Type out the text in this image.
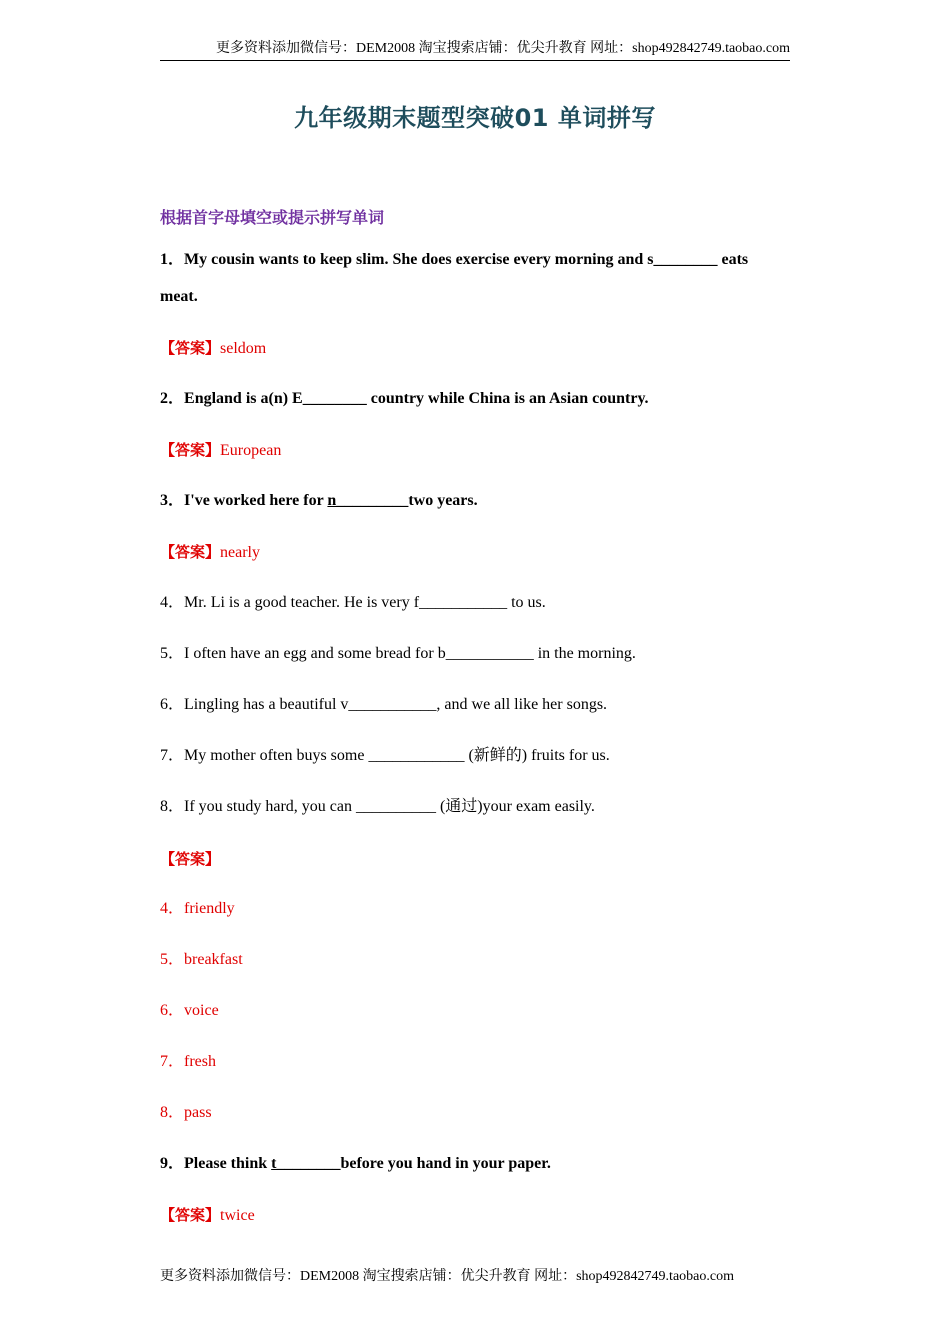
更多资料添加微信号：DEM2008 淘宝搜索店铺：优尖升教育 网址：shop492842749.taobao.com
九年级期末题型突破01 单词拼写
根据首字母填空或提示拼写单词
1．My cousin wants to keep slim. She does exercise every morning and s________ eats
meat.
【答案】seldom
2．England is a(n) E________ country while China is an Asian country.
【答案】European
3．I've worked here for n_________two years.
【答案】nearly
4．Mr. Li is a good teacher. He is very f___________ to us.
5．I often have an egg and some bread for b___________ in the morning.
6．Lingling has a beautiful v___________, and we all like her songs.
7．My mother often buys some ____________ (新鲜的) fruits for us.
8．If you study hard, you can __________ (通过)your exam easily.
【答案】
4．friendly
5．breakfast
6．voice
7．fresh
8．pass
9．Please think t________before you hand in your paper.
【答案】twice
更多资料添加微信号：DEM2008 淘宝搜索店铺：优尖升教育 网址：shop492842749.taobao.com
